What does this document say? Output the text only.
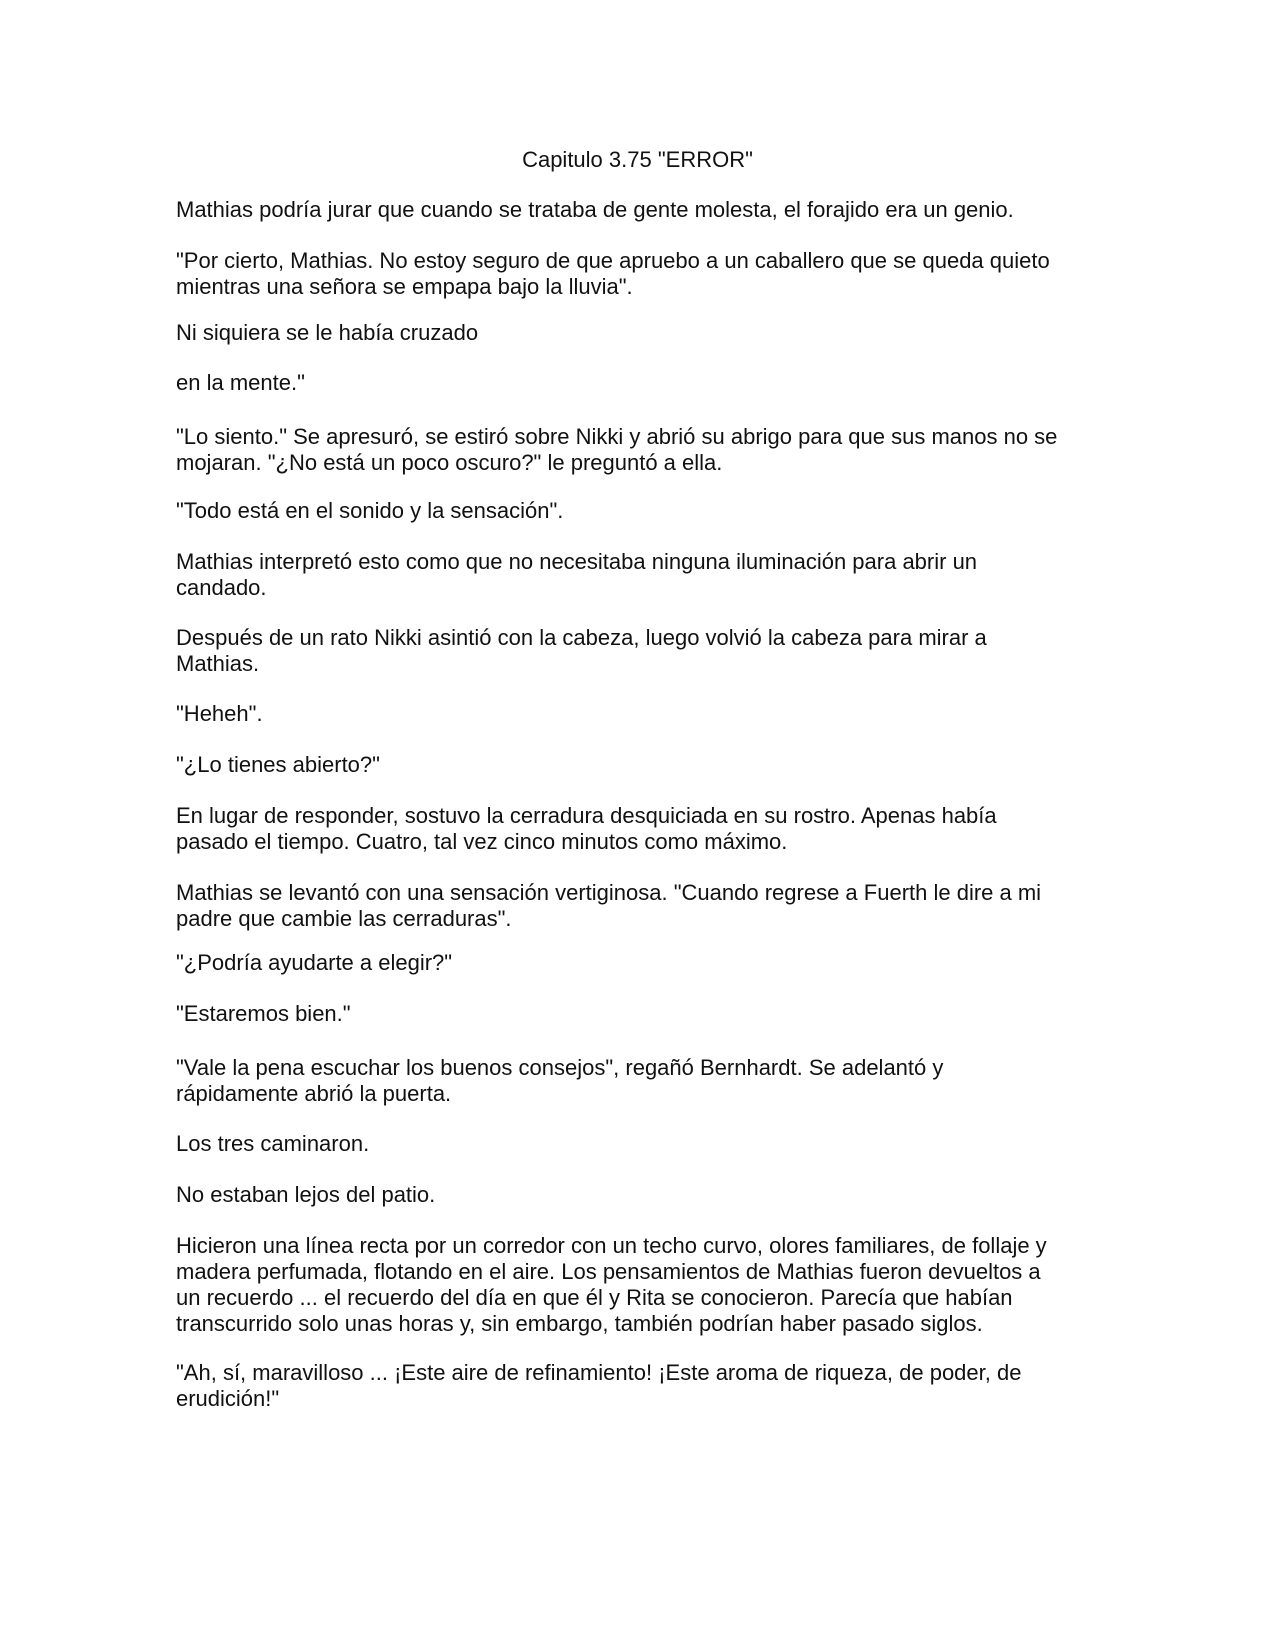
Capitulo 3.75 "ERROR"

Mathias podría jurar que cuando se trataba de gente molesta, el forajido era un genio.

"Por cierto, Mathias. No estoy seguro de que apruebo a un caballero que se queda quieto
mientras una señora se empapa bajo la lluvia".

Ni siquiera se le había cruzado

en la mente."

"Lo siento." Se apresuró, se estiró sobre Nikki y abrió su abrigo para que sus manos no se
mojaran. "¿No está un poco oscuro?" le preguntó a ella.

"Todo está en el sonido y la sensación".

Mathias interpretó esto como que no necesitaba ninguna iluminación para abrir un
candado.

Después de un rato Nikki asintió con la cabeza, luego volvió la cabeza para mirar a
Mathias.

"Heheh".

"¿Lo tienes abierto?"

En lugar de responder, sostuvo la cerradura desquiciada en su rostro. Apenas había
pasado el tiempo. Cuatro, tal vez cinco minutos como máximo.

Mathias se levantó con una sensación vertiginosa. "Cuando regrese a Fuerth le dire a mi
padre que cambie las cerraduras".

"¿Podría ayudarte a elegir?"

"Estaremos bien."

"Vale la pena escuchar los buenos consejos", regañó Bernhardt. Se adelantó y
rápidamente abrió la puerta.

Los tres caminaron.

No estaban lejos del patio.

Hicieron una línea recta por un corredor con un techo curvo, olores familiares, de follaje y
madera perfumada, flotando en el aire. Los pensamientos de Mathias fueron devueltos a
un recuerdo ... el recuerdo del día en que él y Rita se conocieron. Parecía que habían
transcurrido solo unas horas y, sin embargo, también podrían haber pasado siglos.

"Ah, sí, maravilloso ... ¡Este aire de refinamiento! ¡Este aroma de riqueza, de poder, de
erudición!"
